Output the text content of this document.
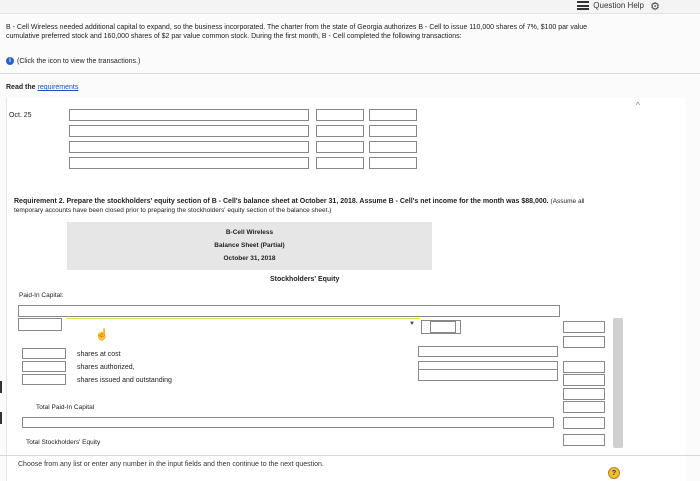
Question Help ⚙
B - Cell Wireless needed additional capital to expand, so the business incorporated. The charter from the state of Georgia authorizes B - Cell to issue 110,000 shares of 7%, $100 par value cumulative preferred stock and 160,000 shares of $2 par value common stock. During the first month, B - Cell completed the following transactions:
i (Click the icon to view the transactions.)
Read the requirements
^
Oct. 25
Requirement 2. Prepare the stockholders' equity section of B - Cell's balance sheet at October 31, 2018. Assume B - Cell's net income for the month was $88,000. (Assume all temporary accounts have been closed prior to preparing the stockholders' equity section of the balance sheet.)
B-Cell Wireless
Balance Sheet (Partial)
October 31, 2018
Stockholders' Equity
Paid-In Capital:
☝
▼
shares at cost
shares authorized,
shares issued and outstanding
Total Paid-In Capital
Total Stockholders' Equity
Choose from any list or enter any number in the input fields and then continue to the next question.
?
